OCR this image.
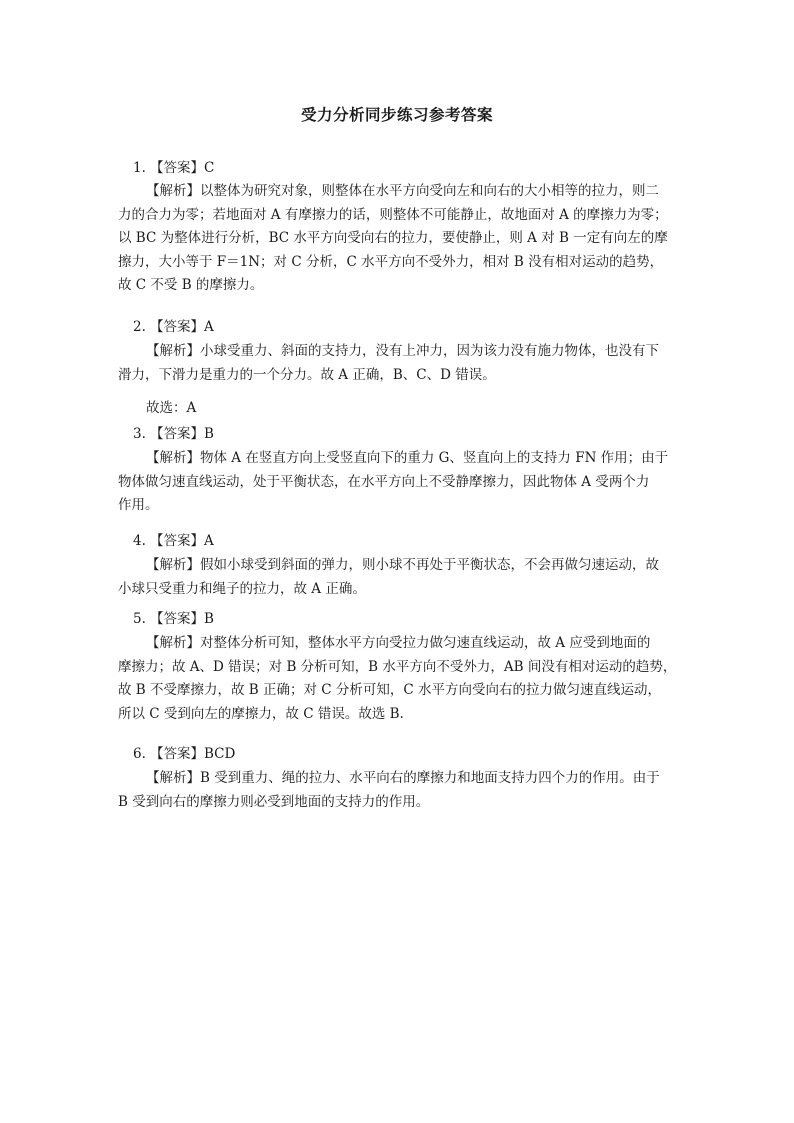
受力分析同步练习参考答案
1. 【答案】C
【解析】以整体为研究对象，则整体在水平方向受向左和向右的大小相等的拉力，则二
力的合力为零；若地面对 A 有摩擦力的话，则整体不可能静止，故地面对 A 的摩擦力为零；
以 BC 为整体进行分析，BC 水平方向受向右的拉力，要使静止，则 A 对 B 一定有向左的摩
擦力，大小等于 F＝1N；对 C 分析，C 水平方向不受外力，相对 B 没有相对运动的趋势，
故 C 不受 B 的摩擦力。
2. 【答案】A
【解析】小球受重力、斜面的支持力，没有上冲力，因为该力没有施力物体，也没有下
滑力，下滑力是重力的一个分力。故 A 正确，B、C、D 错误。
故选：A
3. 【答案】B
【解析】物体 A 在竖直方向上受竖直向下的重力 G、竖直向上的支持力 FN 作用；由于
物体做匀速直线运动，处于平衡状态，在水平方向上不受静摩擦力，因此物体 A 受两个力
作用。
4. 【答案】A
【解析】假如小球受到斜面的弹力，则小球不再处于平衡状态，不会再做匀速运动，故
小球只受重力和绳子的拉力，故 A 正确。
5. 【答案】B
【解析】对整体分析可知，整体水平方向受拉力做匀速直线运动，故 A 应受到地面的
摩擦力；故 A、D 错误；对 B 分析可知，B 水平方向不受外力，AB 间没有相对运动的趋势，
故 B 不受摩擦力，故 B 正确；对 C 分析可知，C 水平方向受向右的拉力做匀速直线运动，
所以 C 受到向左的摩擦力，故 C 错误。故选 B.
6. 【答案】BCD
【解析】B 受到重力、绳的拉力、水平向右的摩擦力和地面支持力四个力的作用。由于
B 受到向右的摩擦力则必受到地面的支持力的作用。
